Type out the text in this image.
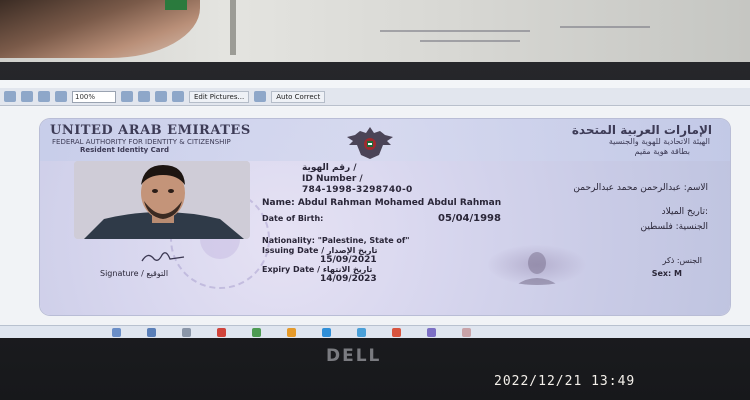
100%	Edit Pictures...	Auto Correct
UNITED ARAB EMIRATES
FEDERAL AUTHORITY FOR IDENTITY & CITIZENSHIP
Resident Identity Card
الإمارات العربية المتحدة
الهيئة الاتحادية للهوية والجنسية
بطاقة هوية مقيم
رقم الهوية /
ID Number /
784-1998-3298740-0	الاسم: عبدالرحمن محمد عبدالرحمن
Name: Abdul Rahman Mohamed Abdul Rahman
Date of Birth:	05/04/1998
تاريخ الميلاد:
الجنسية: فلسطين
Nationality: "Palestine, State of"
Issuing Date / تاريخ الإصدار
15/09/2021
Expiry Date / تاريخ الانتهاء
14/09/2023
Signature / التوقيع
الجنس: ذكر
Sex: M
DELL
2022/12/21 13:49
